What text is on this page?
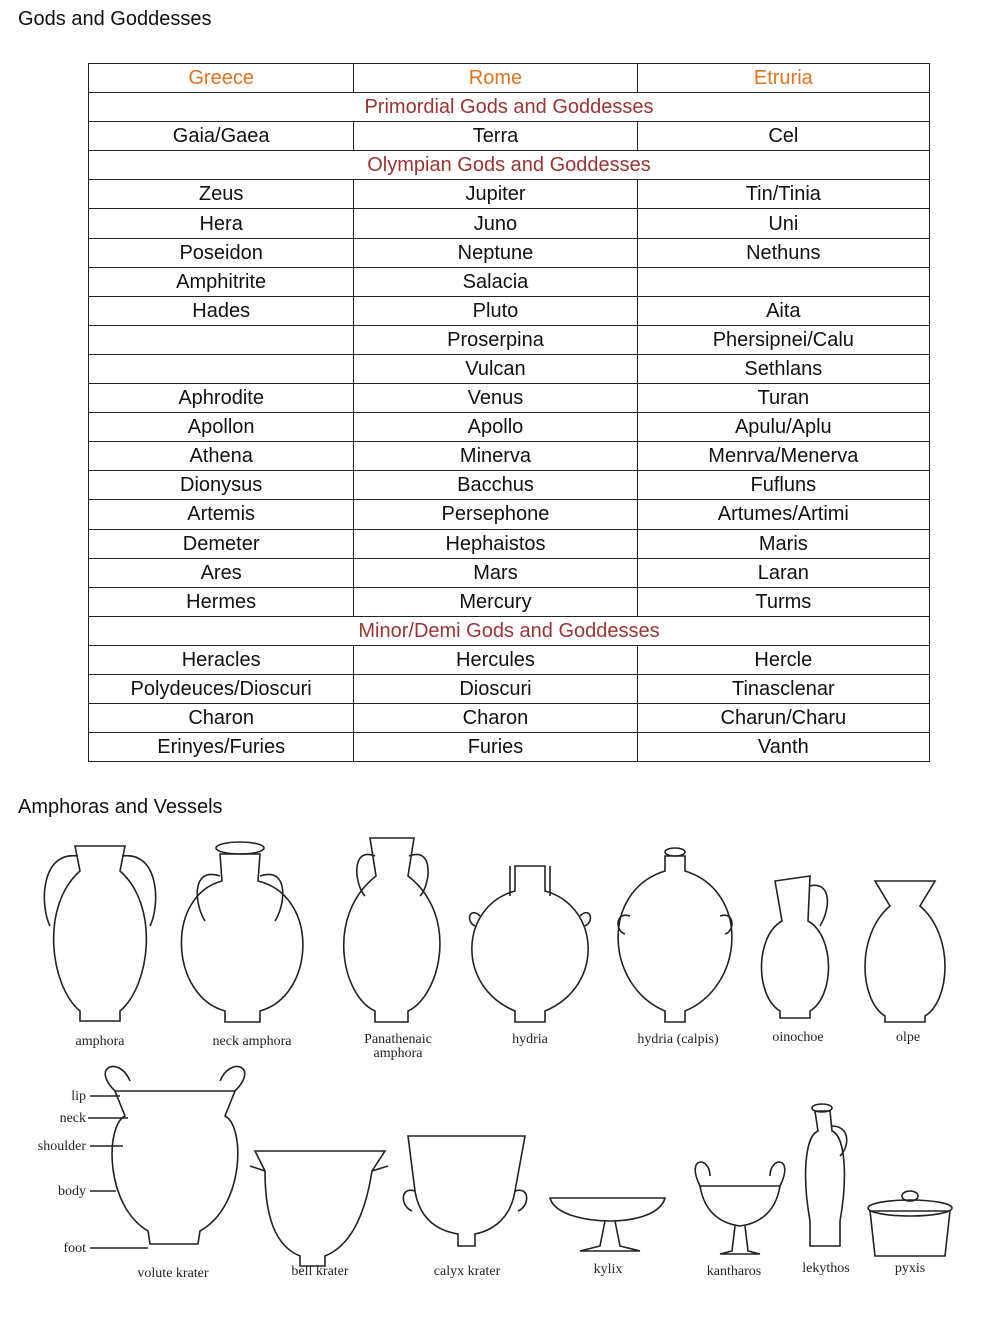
Gods and Goddesses
Greece	Rome	Etruria
Primordial Gods and Goddesses		
Gaia/Gaea	Terra	Cel
Olympian Gods and Goddesses		
Zeus	Jupiter	Tin/Tinia
Hera	Juno	Uni
Poseidon	Neptune	Nethuns
Amphitrite	Salacia	
Hades	Pluto	Aita
	Proserpina	Phersipnei/Calu
	Vulcan	Sethlans
Aphrodite	Venus	Turan
Apollon	Apollo	Apulu/Aplu
Athena	Minerva	Menrva/Menerva
Dionysus	Bacchus	Fufluns
Artemis	Persephone	Artumes/Artimi
Demeter	Hephaistos	Maris
Ares	Mars	Laran
Hermes	Mercury	Turms
Minor/Demi Gods and Goddesses		
Heracles	Hercules	Hercle
Polydeuces/Dioscuri	Dioscuri	Tinasclenar
Charon	Charon	Charun/Charu
Erinyes/Furies	Furies	Vanth
Amphoras and Vessels
amphora	neck amphora	Panathenaic
amphora
hydria	hydria (calpis)	oinochoe	olpe
lip
neck
shoulder
body
foot
volute krater	bell krater	calyx krater	kylix	kantharos	lekythos	pyxis
